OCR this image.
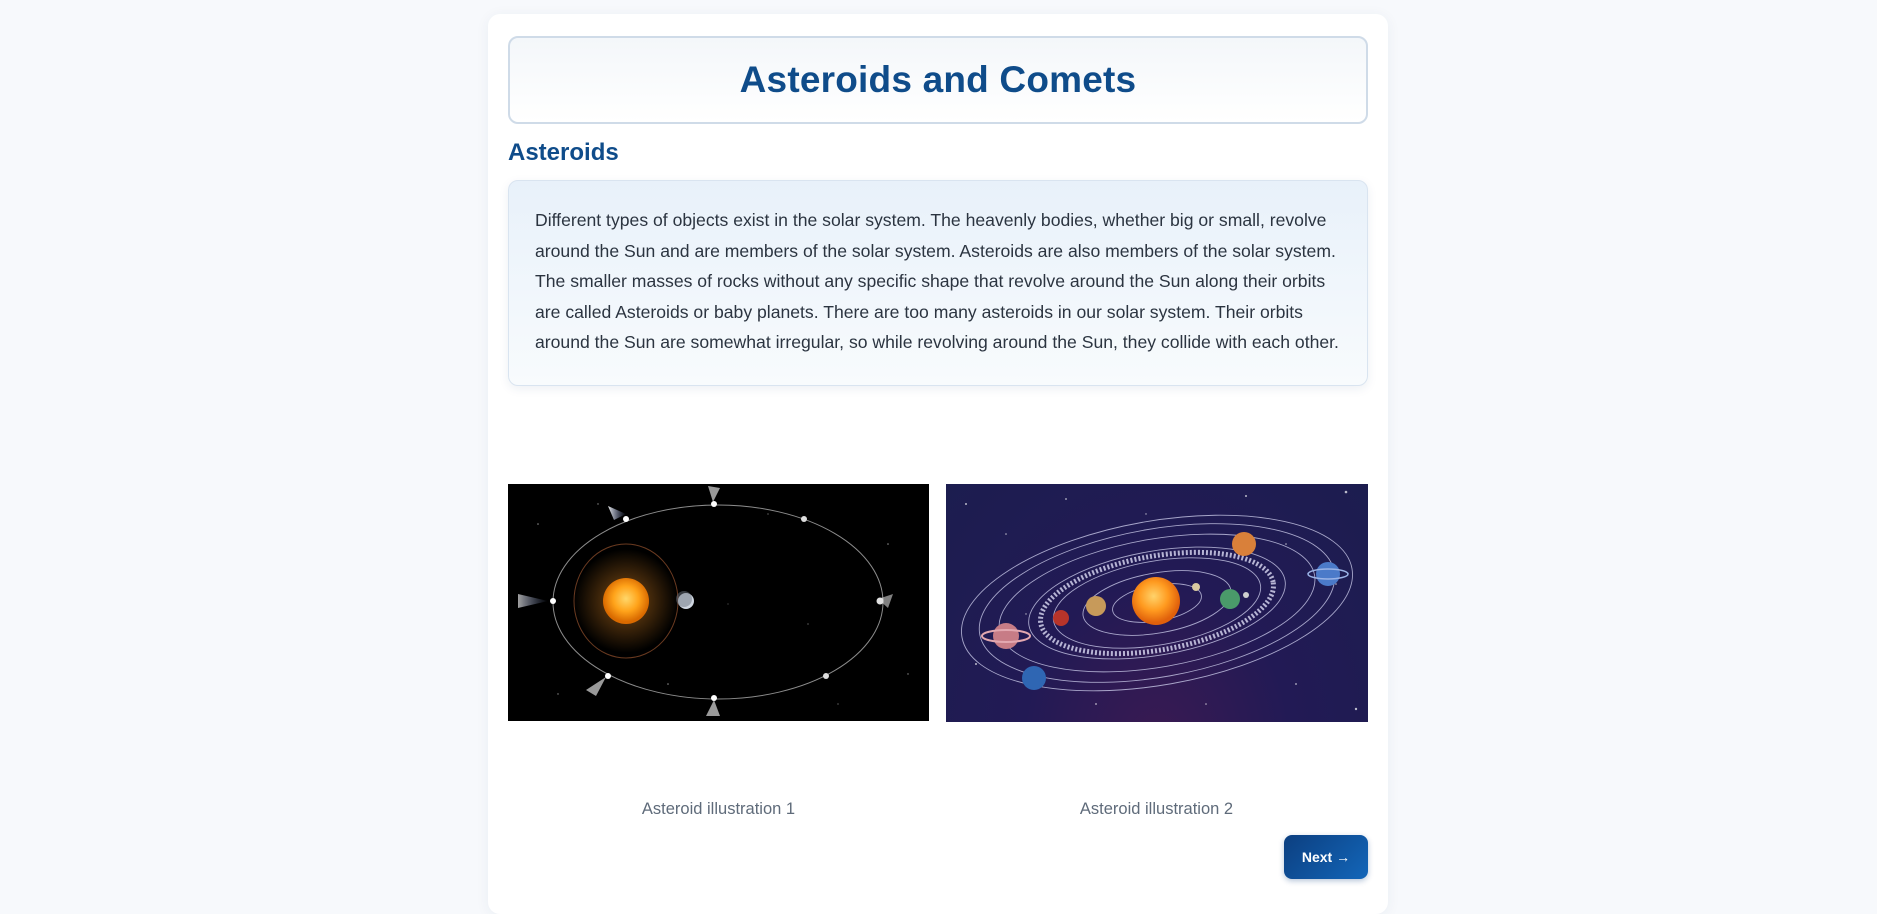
Asteroids and Comets
Asteroids

Different types of objects exist in the solar system. The heavenly bodies, whether big or small, revolve around the Sun and are members of the solar system. Asteroids are also members of the solar system. The smaller masses of rocks without any specific shape that revolve around the Sun along their orbits are called Asteroids or baby planets. There are too many asteroids in our solar system. Their orbits around the Sun are somewhat irregular, so while revolving around the Sun, they collide with each other.

Asteroid illustration 1	Asteroid illustration 2
Next →
